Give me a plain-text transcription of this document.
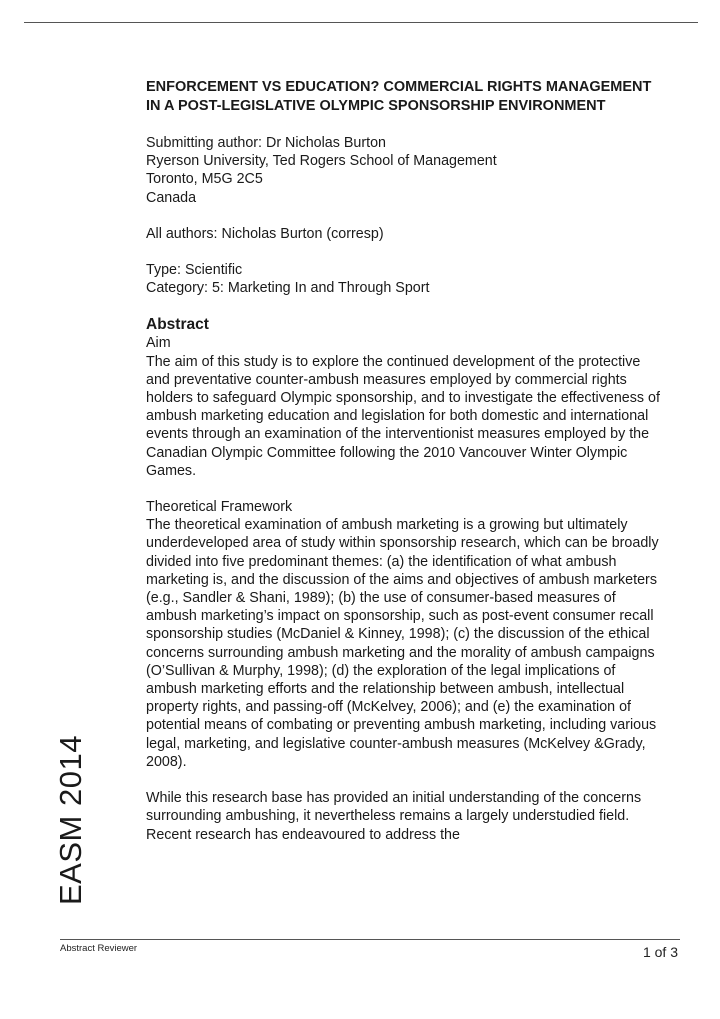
ENFORCEMENT VS EDUCATION? COMMERCIAL RIGHTS MANAGEMENT IN A POST-LEGISLATIVE OLYMPIC SPONSORSHIP ENVIRONMENT
Submitting author: Dr Nicholas Burton
Ryerson University, Ted Rogers School of Management
Toronto, M5G 2C5
Canada
All authors: Nicholas Burton (corresp)
Type: Scientific
Category: 5: Marketing In and Through Sport
Abstract
Aim

The aim of this study is to explore the continued development of the protective and preventative counter-ambush measures employed by commercial rights holders to safeguard Olympic sponsorship, and to investigate the effectiveness of ambush marketing education and legislation for both domestic and international events through an examination of the interventionist measures employed by the Canadian Olympic Committee following the 2010 Vancouver Winter Olympic Games.

Theoretical Framework

The theoretical examination of ambush marketing is a growing but ultimately underdeveloped area of study within sponsorship research, which can be broadly divided into five predominant themes: (a) the identification of what ambush marketing is, and the discussion of the aims and objectives of ambush marketers (e.g., Sandler & Shani, 1989); (b) the use of consumer-based measures of ambush marketing’s impact on sponsorship, such as post-event consumer recall sponsorship studies (McDaniel & Kinney, 1998); (c) the discussion of the ethical concerns surrounding ambush marketing and the morality of ambush campaigns (O’Sullivan & Murphy, 1998); (d) the exploration of the legal implications of ambush marketing efforts and the relationship between ambush, intellectual property rights, and passing-off (McKelvey, 2006); and (e) the examination of potential means of combating or preventing ambush marketing, including various legal, marketing, and legislative counter-ambush measures (McKelvey &Grady, 2008).

While this research base has provided an initial understanding of the concerns surrounding ambushing, it nevertheless remains a largely understudied field. Recent research has endeavoured to address the

EASM 2014
Abstract Reviewer	1 of 3
